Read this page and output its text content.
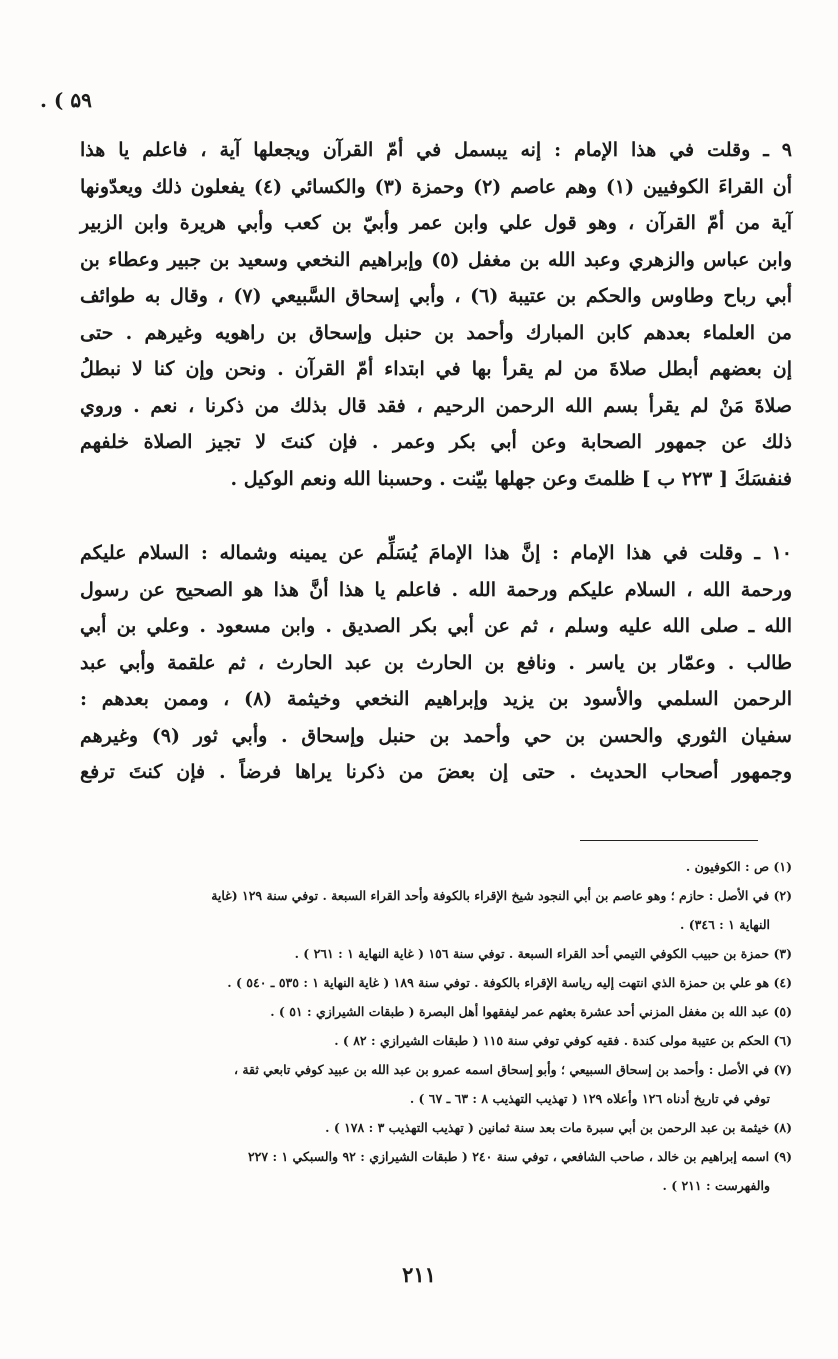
۵۹ ) .
٩ ـ وقلت في هذا الإمام : إنه يبسمل في أمّ القرآن ويجعلها آية ، فاعلم يا هذا
أن القراءَ الكوفيين (١) وهم عاصم (٢) وحمزة (٣) والكسائي (٤) يفعلون ذلك ويعدّونها
آية من أمّ القرآن ، وهو قول علي وابن عمر وأبيّ بن كعب وأبي هريرة وابن الزبير
وابن عباس والزهري وعبد الله بن مغفل (٥) وإبراهيم النخعي وسعيد بن جبير وعطاء بن
أبي رباح وطاوس والحكم بن عتيبة (٦) ، وأبي إسحاق السَّبيعي (٧) ، وقال به طوائف
من العلماء بعدهم كابن المبارك وأحمد بن حنبل وإسحاق بن راهويه وغيرهم . حتى
إن بعضهم أبطل صلاةَ من لم يقرأ بها في ابتداء أمّ القرآن . ونحن وإن كنا لا نبطلُ
صلاةَ مَنْ لم يقرأ بسم الله الرحمن الرحيم ، فقد قال بذلك من ذكرنا ، نعم . وروي
ذلك عن جمهور الصحابة وعن أبي بكر وعمر . فإن كنتَ لا تجيز الصلاة خلفهم
فنفسَكَ [ ٢٢٣ ب ] ظلمتَ وعن جهلها بيّنت . وحسبنا الله ونعم الوكيل .
١٠ ـ وقلت في هذا الإمام : إنَّ هذا الإمامَ يُسَلِّم عن يمينه وشماله : السلام عليكم
ورحمة الله ، السلام عليكم ورحمة الله . فاعلم يا هذا أنَّ هذا هو الصحيح عن رسول
الله ـ صلى الله عليه وسلم ، ثم عن أبي بكر الصديق . وابن مسعود . وعلي بن أبي
طالب . وعمّار بن ياسر . ونافع بن الحارث بن عبد الحارث ، ثم علقمة وأبي عبد
الرحمن السلمي والأسود بن يزيد وإبراهيم النخعي وخيثمة (٨) ، وممن بعدهم :
سفيان الثوري والحسن بن حي وأحمد بن حنبل وإسحاق . وأبي ثور (٩) وغيرهم
وجمهور أصحاب الحديث . حتى إن بعضَ من ذكرنا يراها فرضاً . فإن كنتَ ترفع
(١) ص : الكوفيون .
(٢) في الأصل : حازم ؛ وهو عاصم بن أبي النجود شيخ الإقراء بالكوفة وأحد القراء السبعة . توفي سنة ١٢٩ (غاية
النهاية ١ : ٣٤٦) .
(٣) حمزة بن حبيب الكوفي التيمي أحد القراء السبعة . توفي سنة ١٥٦ ( غاية النهاية ١ : ٢٦١ ) .
(٤) هو علي بن حمزة الذي انتهت إليه رياسة الإقراء بالكوفة . توفي سنة ١٨٩ ( غاية النهاية ١ : ٥٣٥ ـ ٥٤٠ ) .
(٥) عبد الله بن مغفل المزني أحد عشرة بعثهم عمر ليفقهوا أهل البصرة ( طبقات الشيرازي : ٥١ ) .
(٦) الحكم بن عتيبة مولى كندة . فقيه كوفي توفي سنة ١١٥ ( طبقات الشيرازي : ٨٢ ) .
(٧) في الأصل : وأحمد بن إسحاق السبيعي ؛ وأبو إسحاق اسمه عمرو بن عبد الله بن عبيد كوفي تابعي ثقة ،
توفي في تاريخ أدناه ١٢٦ وأعلاه ١٢٩ ( تهذيب التهذيب ٨ : ٦٣ ـ ٦٧ ) .
(٨) خيثمة بن عبد الرحمن بن أبي سبرة مات بعد سنة ثمانين ( تهذيب التهذيب ٣ : ١٧٨ ) .
(٩) اسمه إبراهيم بن خالد ، صاحب الشافعي ، توفي سنة ٢٤٠ ( طبقات الشيرازي : ٩٢ والسبكي ١ : ٢٢٧
والفهرست : ٢١١ ) .
٢١١
